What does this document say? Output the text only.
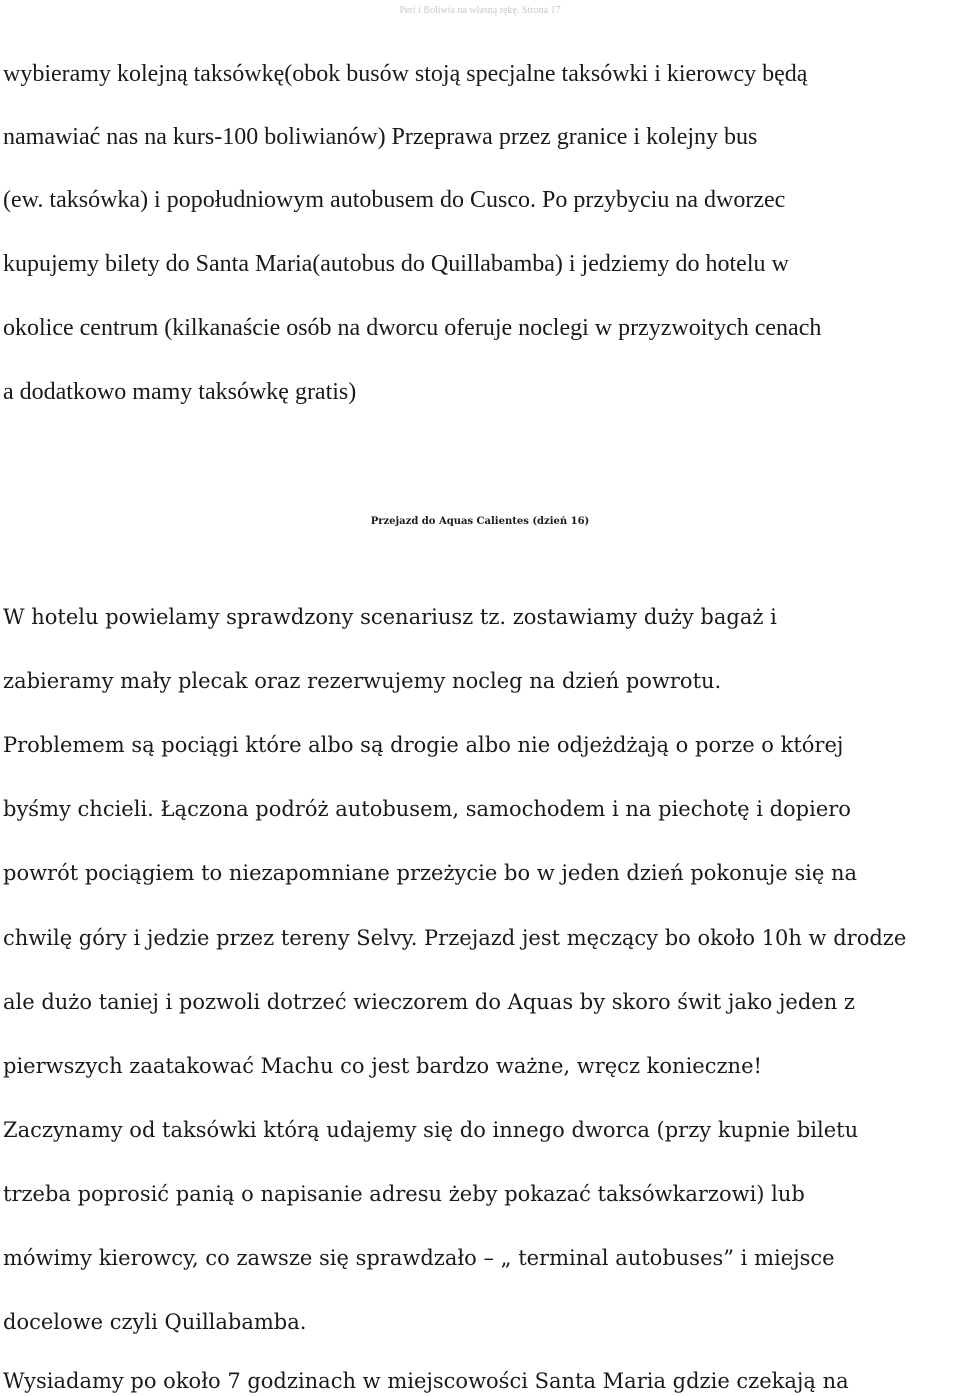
Peri i Boliwia na własną rękę. Strona 17
wybieramy kolejną taksówkę(obok busów stoją specjalne taksówki i kierowcy będą
namawiać nas na kurs-100 boliwianów) Przeprawa przez granice i kolejny bus
(ew. taksówka) i popołudniowym autobusem do Cusco. Po przybyciu na dworzec
kupujemy bilety do Santa Maria(autobus do Quillabamba) i jedziemy do hotelu w
okolice centrum (kilkanaście osób na dworcu oferuje noclegi w przyzwoitych cenach
a dodatkowo mamy taksówkę gratis)
Przejazd do Aquas Calientes (dzień 16)
W hotelu powielamy sprawdzony scenariusz tz. zostawiamy duży bagaż i
zabieramy mały plecak oraz rezerwujemy nocleg na dzień powrotu.
Problemem są pociągi które albo są drogie albo nie odjeżdżają o porze o której
byśmy chcieli. Łączona podróż autobusem, samochodem i na piechotę i dopiero
powrót pociągiem to niezapomniane przeżycie bo w jeden dzień pokonuje się na
chwilę góry i jedzie przez tereny Selvy. Przejazd jest męczący bo około 10h w drodze
ale dużo taniej i pozwoli dotrzeć wieczorem do Aquas by skoro świt jako jeden z
pierwszych zaatakować Machu co jest bardzo ważne, wręcz konieczne!
Zaczynamy od taksówki którą udajemy się do innego dworca (przy kupnie biletu
trzeba poprosić panią o napisanie adresu żeby pokazać taksówkarzowi) lub
mówimy kierowcy, co zawsze się sprawdzało – „ terminal autobuses” i miejsce
docelowe czyli Quillabamba.
Wysiadamy po około 7 godzinach w miejscowości Santa Maria gdzie czekają na
